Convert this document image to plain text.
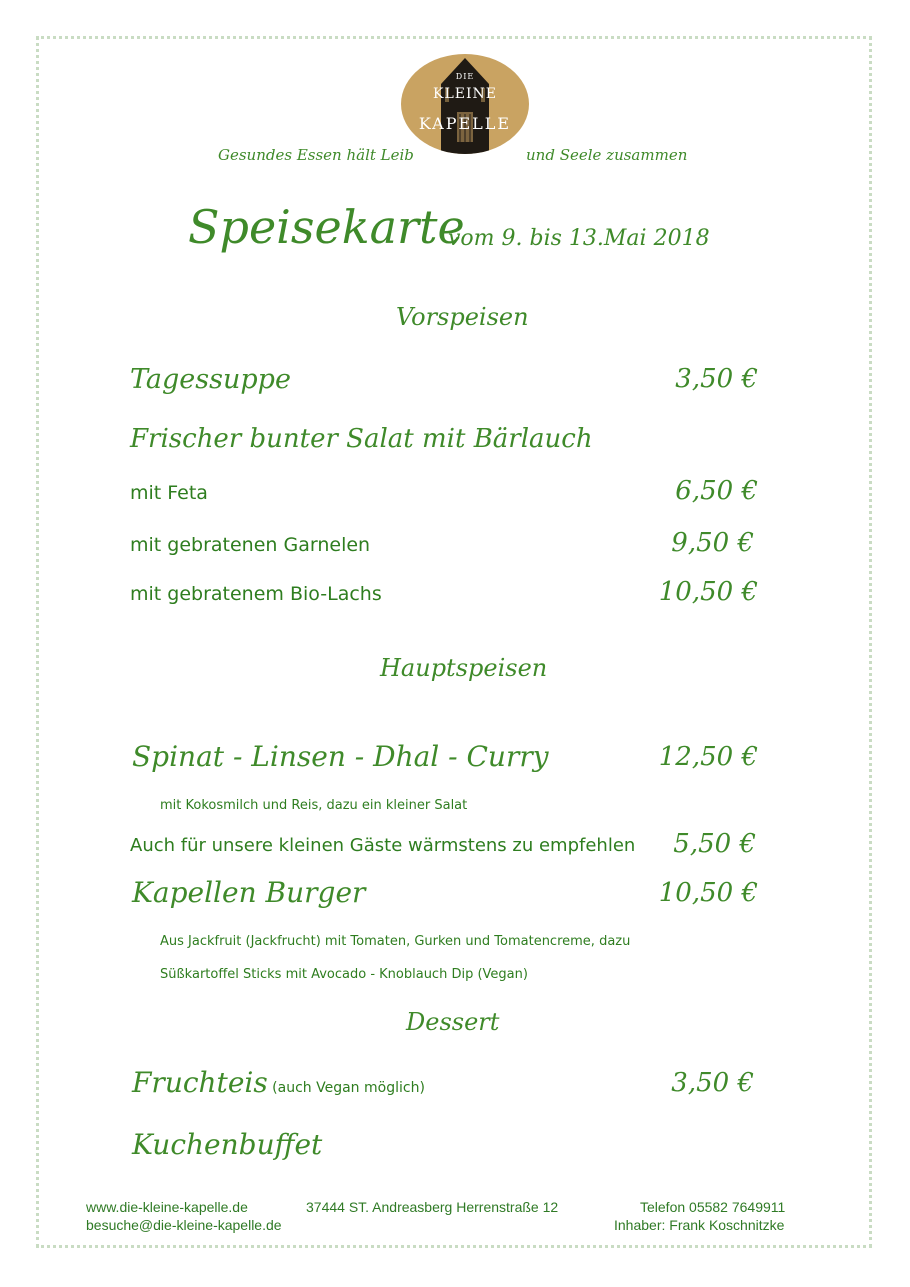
DIE
KLEINE
KAPELLE
Gesundes Essen hält Leib	und Seele zusammen
Speisekarte
vom 9. bis 13.Mai 2018
Vorspeisen
Tagessuppe	3,50 €
Frischer bunter Salat mit Bärlauch
mit Feta	6,50 €
mit gebratenen Garnelen	9,50 €
mit gebratenem Bio-Lachs	10,50 €
Hauptspeisen
Spinat - Linsen - Dhal - Curry	12,50 €
mit Kokosmilch und Reis, dazu ein kleiner Salat
Auch für unsere kleinen Gäste wärmstens zu empfehlen	5,50 €
Kapellen Burger	10,50 €
Aus Jackfruit (Jackfrucht) mit Tomaten, Gurken und Tomatencreme, dazu
Süßkartoffel Sticks mit Avocado - Knoblauch Dip (Vegan)
Dessert
Fruchteis (auch Vegan möglich)	3,50 €
Kuchenbuffet
www.die-kleine-kapelle.de
besuche@die-kleine-kapelle.de
37444 ST. Andreasberg Herrenstraße 12	Telefon 05582 7649911
Inhaber: Frank Koschnitzke
